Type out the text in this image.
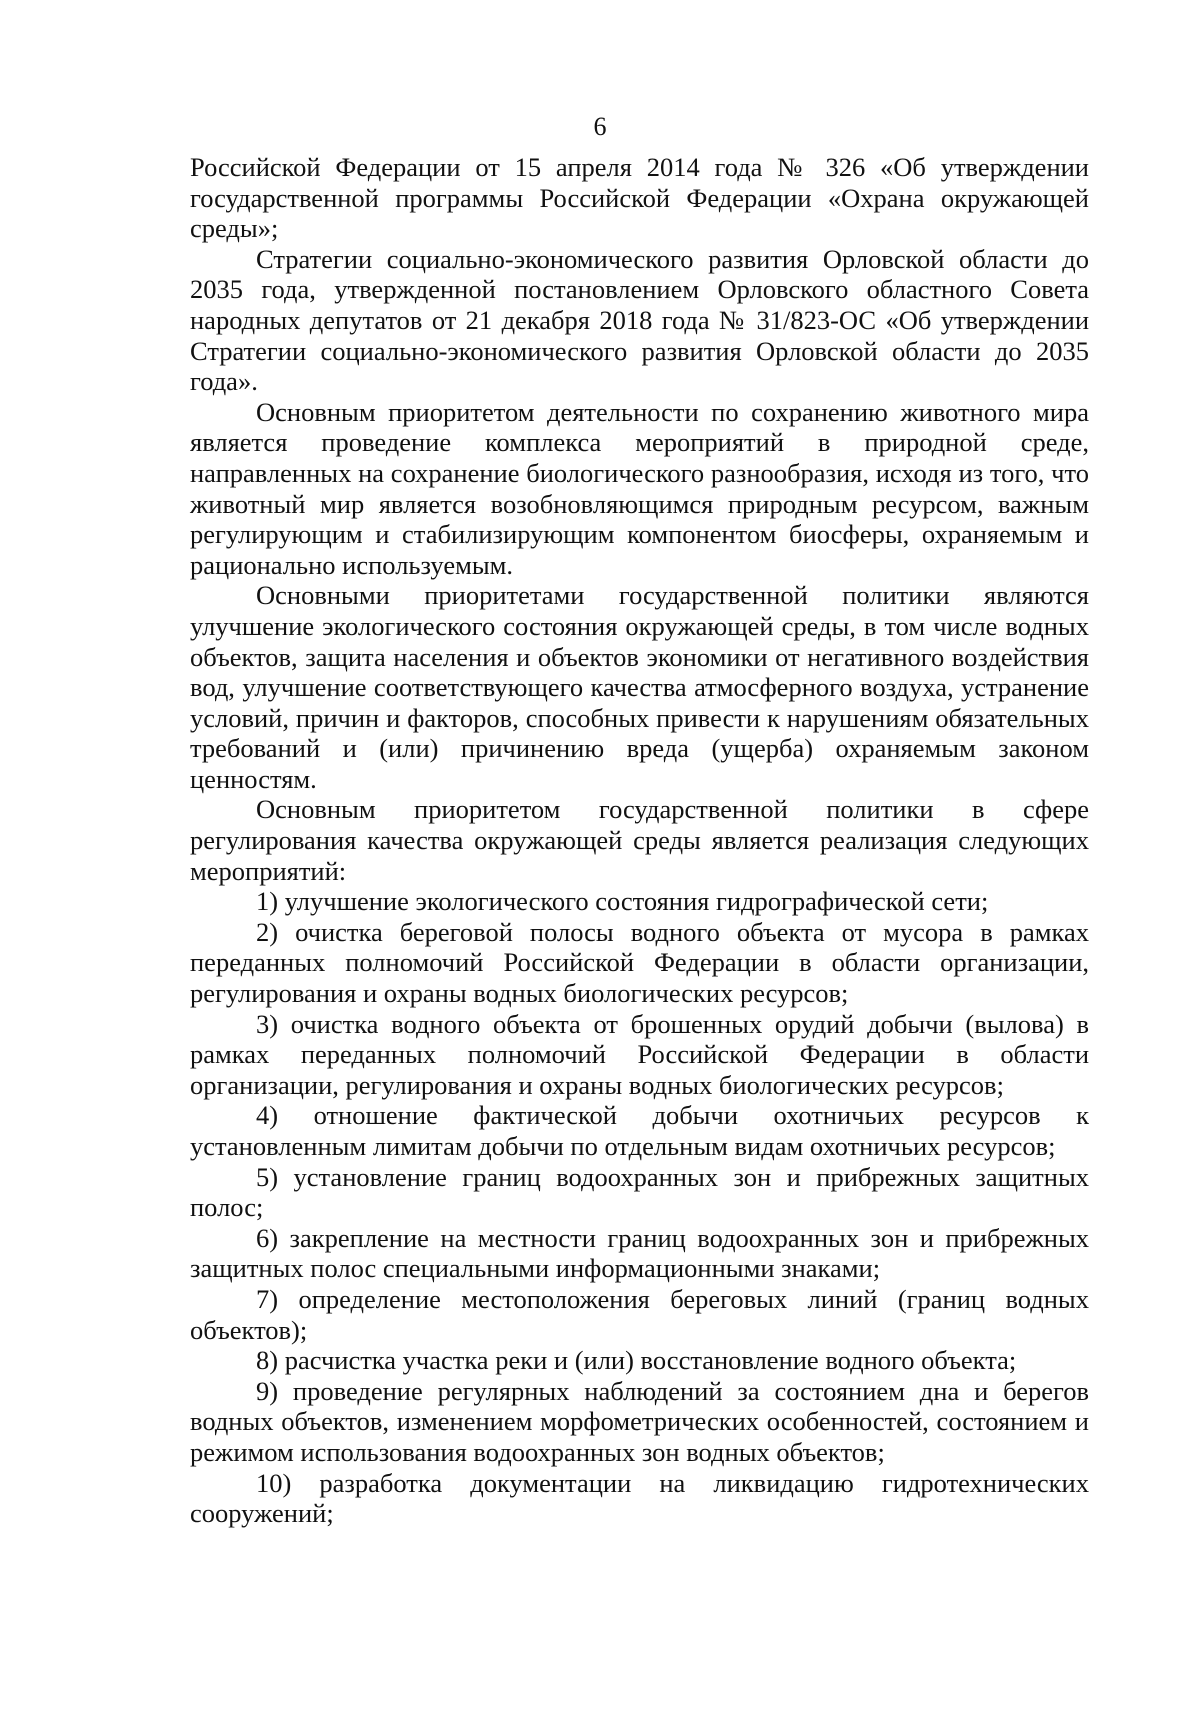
6

Российской Федерации от 15 апреля 2014 года № 326 «Об утверждении государственной программы Российской Федерации «Охрана окружающей среды»;

Стратегии социально-экономического развития Орловской области до 2035 года, утвержденной постановлением Орловского областного Совета народных депутатов от 21 декабря 2018 года № 31/823-ОС «Об утверждении Стратегии социально-экономического развития Орловской области до 2035 года».

Основным приоритетом деятельности по сохранению животного мира является проведение комплекса мероприятий в природной среде, направленных на сохранение биологического разнообразия, исходя из того, что животный мир является возобновляющимся природным ресурсом, важным регулирующим и стабилизирующим компонентом биосферы, охраняемым и рационально используемым.

Основными приоритетами государственной политики являются улучшение экологического состояния окружающей среды, в том числе водных объектов, защита населения и объектов экономики от негативного воздействия вод, улучшение соответствующего качества атмосферного воздуха, устранение условий, причин и факторов, способных привести к нарушениям обязательных требований и (или) причинению вреда (ущерба) охраняемым законом ценностям.

Основным приоритетом государственной политики в сфере регулирования качества окружающей среды является реализация следующих мероприятий:

1) улучшение экологического состояния гидрографической сети;

2) очистка береговой полосы водного объекта от мусора в рамках переданных полномочий Российской Федерации в области организации, регулирования и охраны водных биологических ресурсов;

3) очистка водного объекта от брошенных орудий добычи (вылова) в рамках переданных полномочий Российской Федерации в области организации, регулирования и охраны водных биологических ресурсов;

4) отношение фактической добычи охотничьих ресурсов к установленным лимитам добычи по отдельным видам охотничьих ресурсов;

5) установление границ водоохранных зон и прибрежных защитных полос;

6) закрепление на местности границ водоохранных зон и прибрежных защитных полос специальными информационными знаками;

7) определение местоположения береговых линий (границ водных объектов);

8) расчистка участка реки и (или) восстановление водного объекта;

9) проведение регулярных наблюдений за состоянием дна и берегов водных объектов, изменением морфометрических особенностей, состоянием и режимом использования водоохранных зон водных объектов;

10) разработка документации на ликвидацию гидротехнических сооружений;
